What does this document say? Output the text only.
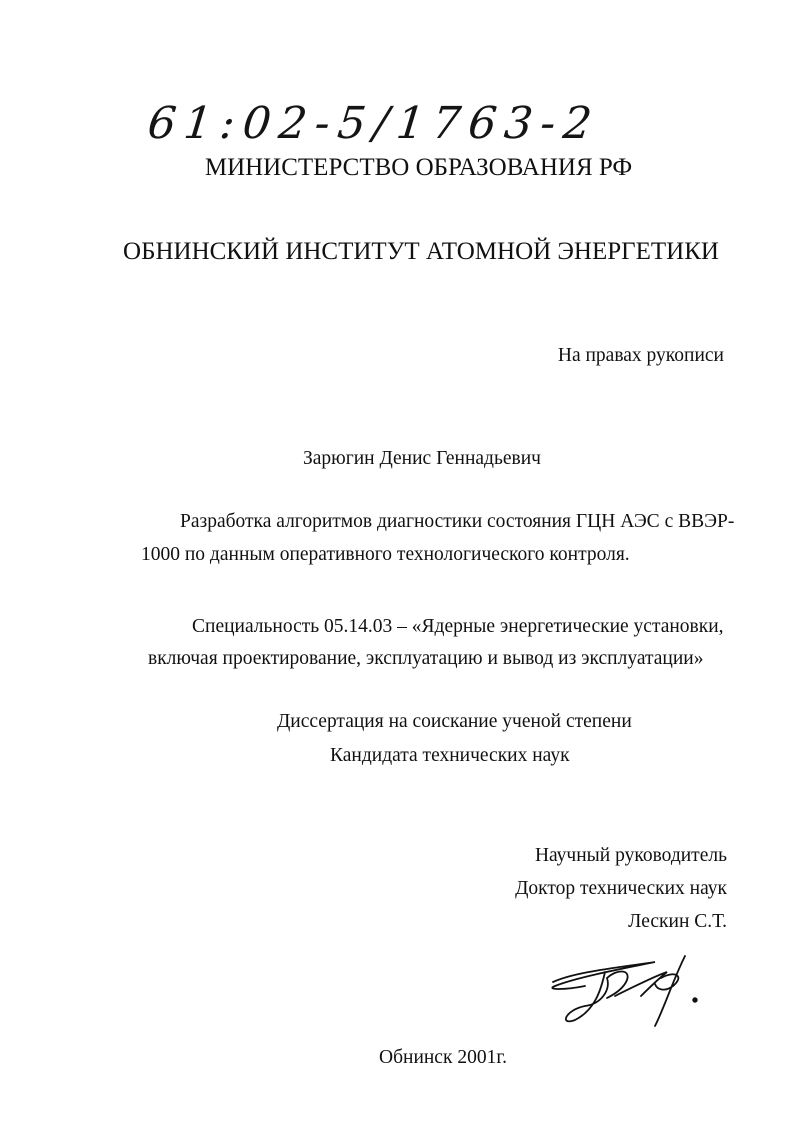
61:02-5/1763-2
МИНИСТЕРСТВО ОБРАЗОВАНИЯ РФ
ОБНИНСКИЙ ИНСТИТУТ АТОМНОЙ ЭНЕРГЕТИКИ
На правах рукописи
Зарюгин Денис Геннадьевич
Разработка алгоритмов диагностики состояния ГЦН АЭС с ВВЭР-
1000 по данным оперативного технологического контроля.
Специальность 05.14.03 – «Ядерные энергетические установки,
включая проектирование, эксплуатацию и вывод из эксплуатации»
Диссертация на соискание ученой степени
Кандидата технических наук
Научный руководитель
Доктор технических наук
Лескин С.Т.
Обнинск 2001г.
